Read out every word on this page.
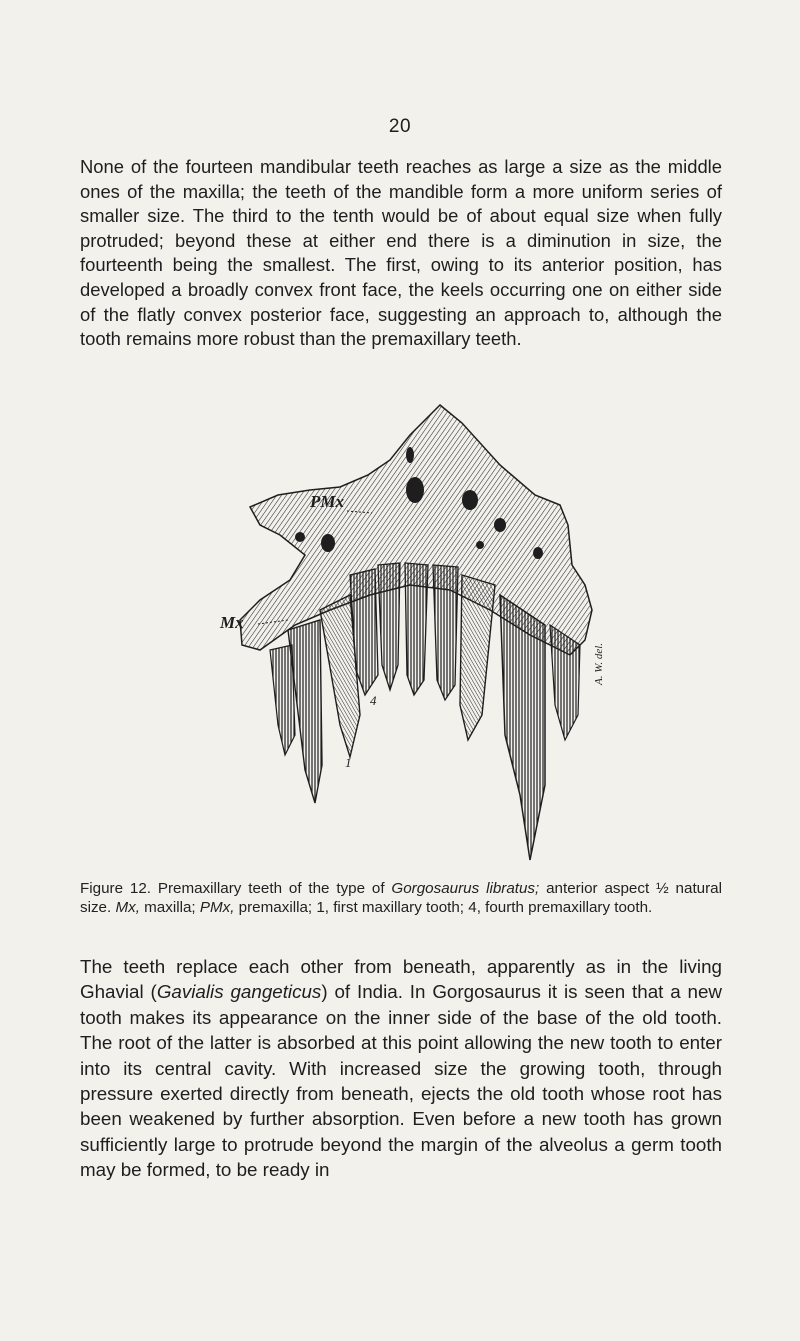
20

None of the fourteen mandibular teeth reaches as large a size as the middle ones of the maxilla; the teeth of the mandible form a more uniform series of smaller size. The third to the tenth would be of about equal size when fully protruded; beyond these at either end there is a diminution in size, the fourteenth being the smallest. The first, owing to its anterior position, has developed a broadly convex front face, the keels occurring one on either side of the flatly convex posterior face, suggesting an approach to, although the tooth remains more robust than the premaxillary teeth.

PMx
Mx
1
4
A. W. del.

Figure 12. Premaxillary teeth of the type of Gorgosaurus libratus; anterior aspect ½ natural size. Mx, maxilla; PMx, premaxilla; 1, first maxillary tooth; 4, fourth premaxillary tooth.

The teeth replace each other from beneath, apparently as in the living Ghavial (Gavialis gangeticus) of India. In Gorgosaurus it is seen that a new tooth makes its appearance on the inner side of the base of the old tooth. The root of the latter is absorbed at this point allowing the new tooth to enter into its central cavity. With increased size the growing tooth, through pressure exerted directly from beneath, ejects the old tooth whose root has been weakened by further absorption. Even before a new tooth has grown sufficiently large to protrude beyond the margin of the alveolus a germ tooth may be formed, to be ready in
